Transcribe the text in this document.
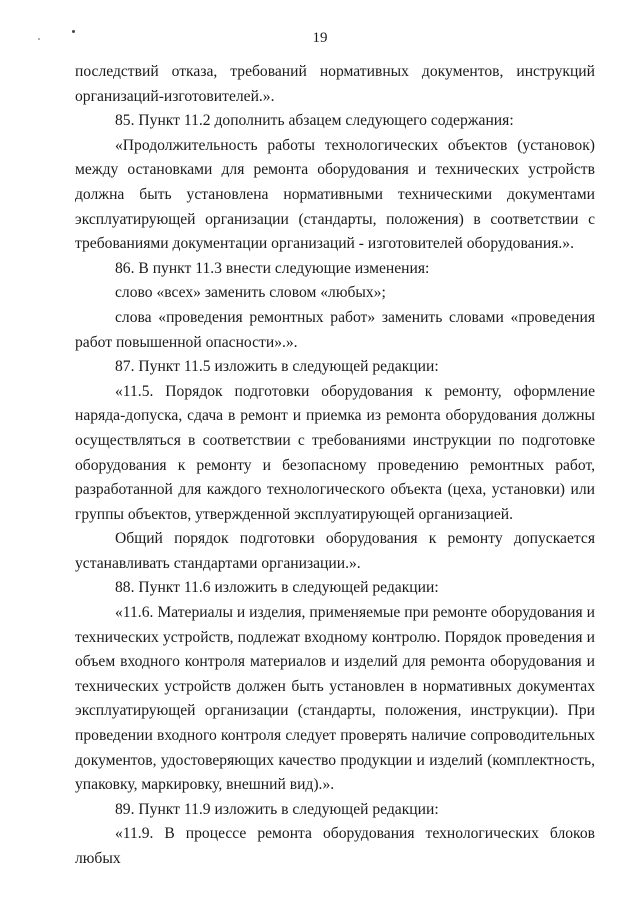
19

последствий отказа, требований нормативных документов, инструкций организаций-изготовителей.».

85. Пункт 11.2 дополнить абзацем следующего содержания:

«Продолжительность работы технологических объектов (установок) между остановками для ремонта оборудования и технических устройств должна быть установлена нормативными техническими документами эксплуатирующей организации (стандарты, положения) в соответствии с требованиями документации организаций - изготовителей оборудования.».

86. В пункт 11.3 внести следующие изменения:

слово «всех» заменить словом «любых»;

слова «проведения ремонтных работ» заменить словами «проведения работ повышенной опасности».».

87. Пункт 11.5 изложить в следующей редакции:

«11.5. Порядок подготовки оборудования к ремонту, оформление наряда-допуска, сдача в ремонт и приемка из ремонта оборудования должны осуществляться в соответствии с требованиями инструкции по подготовке оборудования к ремонту и безопасному проведению ремонтных работ, разработанной для каждого технологического объекта (цеха, установки) или группы объектов, утвержденной эксплуатирующей организацией.

Общий порядок подготовки оборудования к ремонту допускается устанавливать стандартами организации.».

88. Пункт 11.6 изложить в следующей редакции:

«11.6. Материалы и изделия, применяемые при ремонте оборудования и технических устройств, подлежат входному контролю. Порядок проведения и объем входного контроля материалов и изделий для ремонта оборудования и технических устройств должен быть установлен в нормативных документах эксплуатирующей организации (стандарты, положения, инструкции). При проведении входного контроля следует проверять наличие сопроводительных документов, удостоверяющих качество продукции и изделий (комплектность, упаковку, маркировку, внешний вид).».

89. Пункт 11.9 изложить в следующей редакции:

«11.9. В процессе ремонта оборудования технологических блоков любых
